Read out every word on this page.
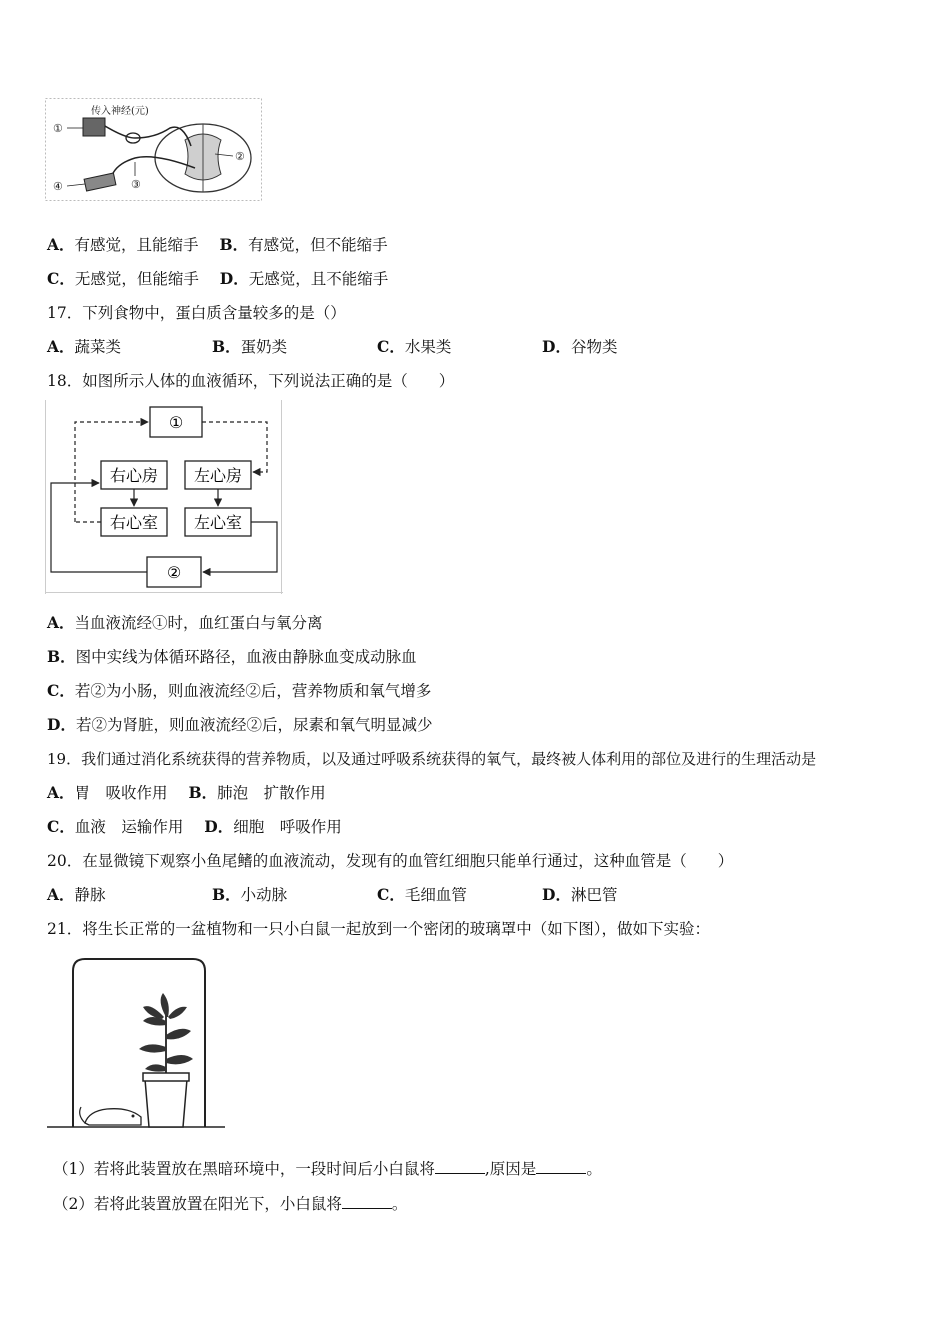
传入神经(元)
①
②
③
④
A．有感觉，且能缩手 B．有感觉，但不能缩手
C．无感觉，但能缩手 D．无感觉，且不能缩手
17．下列食物中，蛋白质含量较多的是（）
A．蔬菜类	B．蛋奶类	C．水果类	D．谷物类
18．如图所示人体的血液循环，下列说法正确的是（　　）
①
右心房 左心房
右心室 左心室
②
A．当血液流经①时，血红蛋白与氧分离
B．图中实线为体循环路径，血液由静脉血变成动脉血
C．若②为小肠，则血液流经②后，营养物质和氧气增多
D．若②为肾脏，则血液流经②后，尿素和氧气明显减少
19．我们通过消化系统获得的营养物质，以及通过呼吸系统获得的氧气，最终被人体利用的部位及进行的生理活动是
A．胃　吸收作用 B．肺泡　扩散作用
C．血液　运输作用 D．细胞　呼吸作用
20．在显微镜下观察小鱼尾鳍的血液流动，发现有的血管红细胞只能单行通过，这种血管是（　　）
A．静脉	B．小动脉	C．毛细血管	D．淋巴管
21．将生长正常的一盆植物和一只小白鼠一起放到一个密闭的玻璃罩中（如下图），做如下实验：
（1）若将此装置放在黑暗环境中，一段时间后小白鼠将	,原因是	。
（2）若将此装置放置在阳光下，小白鼠将	。
